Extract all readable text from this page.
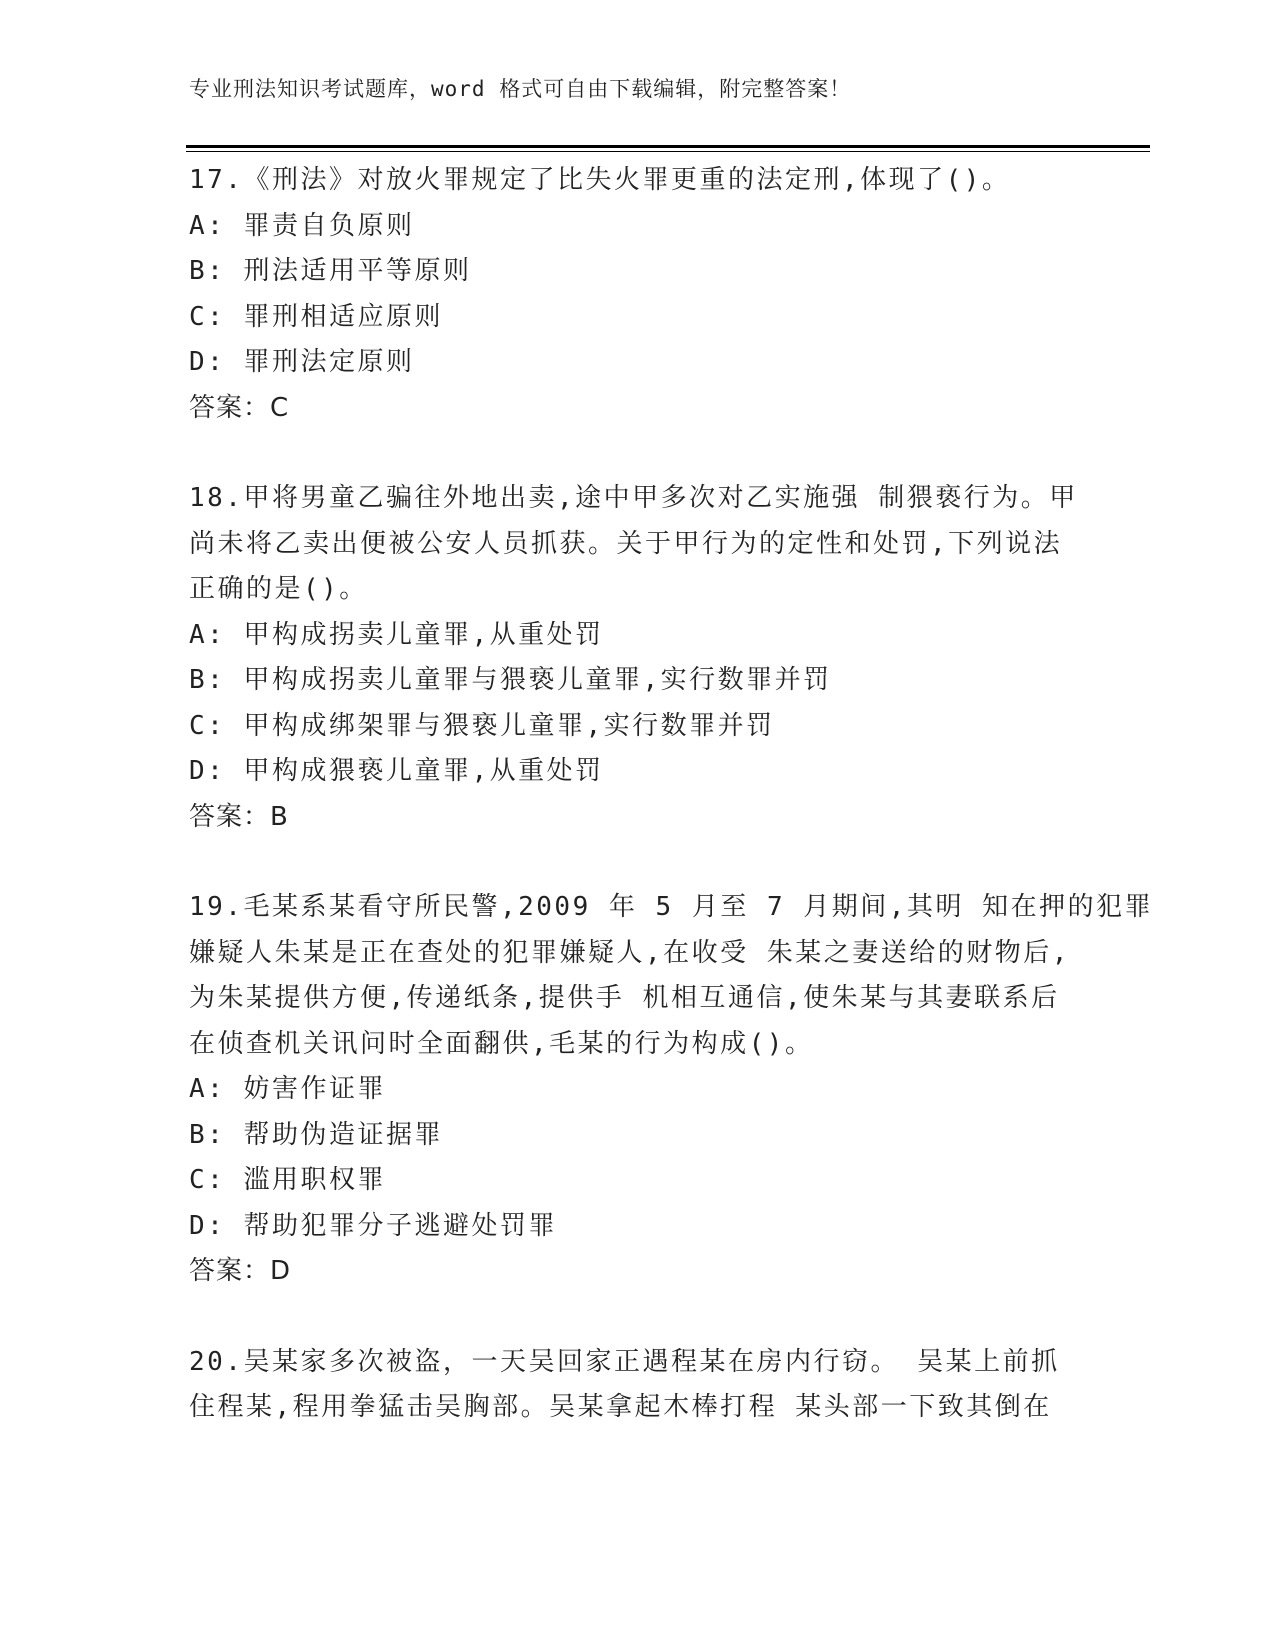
专业刑法知识考试题库，word 格式可自由下载编辑，附完整答案！
17.《刑法》对放火罪规定了比失火罪更重的法定刑,体现了()。
A: 罪责自负原则
B: 刑法适用平等原则
C: 罪刑相适应原则
D: 罪刑法定原则
答案：C
18.甲将男童乙骗往外地出卖,途中甲多次对乙实施强 制猥亵行为。甲
尚未将乙卖出便被公安人员抓获。关于甲行为的定性和处罚,下列说法
正确的是()。
A: 甲构成拐卖儿童罪,从重处罚
B: 甲构成拐卖儿童罪与猥亵儿童罪,实行数罪并罚
C: 甲构成绑架罪与猥亵儿童罪,实行数罪并罚
D: 甲构成猥亵儿童罪,从重处罚
答案：B
19.毛某系某看守所民警,2009 年 5 月至 7 月期间,其明 知在押的犯罪
嫌疑人朱某是正在查处的犯罪嫌疑人,在收受 朱某之妻送给的财物后,
为朱某提供方便,传递纸条,提供手 机相互通信,使朱某与其妻联系后
在侦查机关讯问时全面翻供,毛某的行为构成()。
A: 妨害作证罪
B: 帮助伪造证据罪
C: 滥用职权罪
D: 帮助犯罪分子逃避处罚罪
答案：D
20.吴某家多次被盗，一天吴回家正遇程某在房内行窃。 吴某上前抓
住程某,程用拳猛击吴胸部。吴某拿起木棒打程 某头部一下致其倒在
